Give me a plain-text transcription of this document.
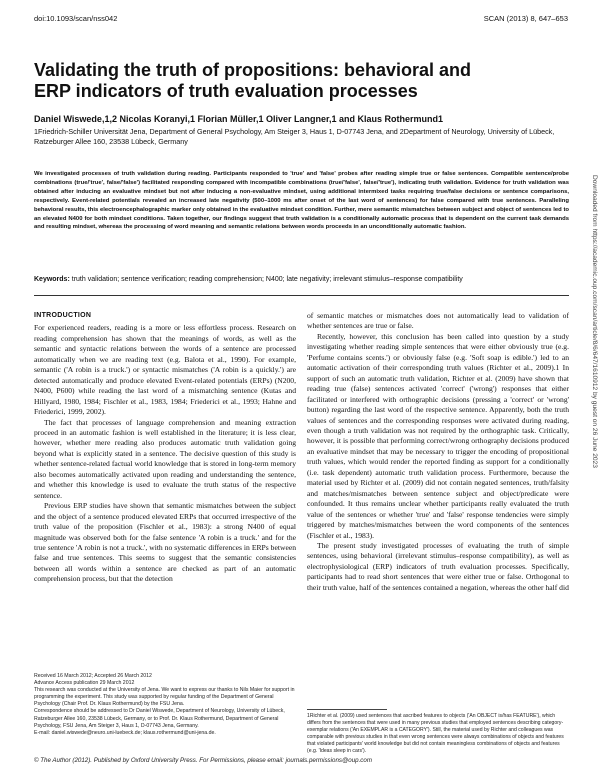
doi:10.1093/scan/nss042	SCAN (2013) 8, 647–653
Validating the truth of propositions: behavioral and ERP indicators of truth evaluation processes
Daniel Wiswede,1,2 Nicolas Koranyi,1 Florian Müller,1 Oliver Langner,1 and Klaus Rothermund1
1Friedrich-Schiller Universität Jena, Department of General Psychology, Am Steiger 3, Haus 1, D-07743 Jena, and 2Department of Neurology, University of Lübeck, Ratzeburger Allee 160, 23538 Lübeck, Germany
We investigated processes of truth validation during reading. Participants responded to 'true' and 'false' probes after reading simple true or false sentences. Compatible sentence/probe combinations (true/'true', false/'false') facilitated responding compared with incompatible combinations (true/'false', false/'true'), indicating truth validation. Evidence for truth validation was obtained after inducing an evaluative mindset but not after inducing a non-evaluative mindset, using additional intermixed tasks requiring true/false decisions or sentence comparisons, respectively. Event-related potentials revealed an increased late negativity (500–1000 ms after onset of the last word of sentences) for false compared with true sentences. Paralleling behavioral results, this electroencephalographic marker only obtained in the evaluative mindset condition. Further, mere semantic mismatches between subject and object of sentences led to an elevated N400 for both mindset conditions. Taken together, our findings suggest that truth validation is a conditionally automatic process that is dependent on the current task demands and resulting mindset, whereas the processing of word meaning and semantic relations between words proceeds in an unconditionally automatic fashion.
Keywords: truth validation; sentence verification; reading comprehension; N400; late negativity; irrelevant stimulus–response compatibility
INTRODUCTION

For experienced readers, reading is a more or less effortless process. Research on reading comprehension has shown that the meanings of words, as well as the semantic and syntactic relations between the words of a sentence are processed automatically when we are reading text (e.g. Balota et al., 1990). For example, semantic ('A robin is a truck.') or syntactic mismatches ('A robin is a quickly.') are detected automatically and produce elevated Event-related potentials (ERPs) (N200, N400, P600) while reading the last word of a mismatching sentence (Kutas and Hillyard, 1980, 1984; Fischler et al., 1983, 1984; Friederici et al., 1993; Hahne and Friederici, 1999, 2002).

The fact that processes of language comprehension and meaning extraction proceed in an automatic fashion is well established in the literature; it is less clear, however, whether mere reading also produces automatic truth validation going beyond what is explicitly stated in a sentence. The decisive question of this study is whether sentence-related factual world knowledge that is stored in long-term memory also becomes automatically activated upon reading and understanding the sentence, and whether this knowledge is used to evaluate the truth status of the respective sentence.

Previous ERP studies have shown that semantic mismatches between the subject and the object of a sentence produced elevated ERPs that occurred irrespective of the truth value of the proposition (Fischler et al., 1983): a strong N400 of equal magnitude was observed both for the false sentence 'A robin is a truck.' and for the true sentence 'A robin is not a truck.', with no systematic differences in ERPs between false and true sentences. This seems to suggest that the semantic consistencies between all words within a sentence are checked as part of an automatic comprehension process, but that the detection

of semantic matches or mismatches does not automatically lead to validation of whether sentences are true or false.

Recently, however, this conclusion has been called into question by a study investigating whether reading simple sentences that were either obviously true (e.g. 'Perfume contains scents.') or obviously false (e.g. 'Soft soap is edible.') led to an automatic activation of their corresponding truth values (Richter et al., 2009).1 In support of such an automatic truth validation, Richter et al. (2009) have shown that reading true (false) sentences activated 'correct' ('wrong') responses that either facilitated or interfered with orthographic decisions (pressing a 'correct' or 'wrong' button) regarding the last word of the respective sentence. Apparently, both the truth values of sentences and the corresponding responses were activated during reading, even though a truth validation was not required by the orthographic task. Critically, however, it is possible that performing correct/wrong orthography decisions produced an evaluative mindset that may be necessary to trigger the encoding of propositional truth values, which would render the reported finding as support for a conditionally (i.e. task dependent) automatic truth validation process. Furthermore, because the material used by Richter et al. (2009) did not contain negated sentences, truth/falsity and matches/mismatches between sentence subject and object/predicate were confounded. It thus remains unclear whether participants really evaluated the truth value of the sentences or whether 'true' and 'false' response tendencies were simply triggered by matches/mismatches between the word components of the sentences (Fischler et al., 1983).

The present study investigated processes of evaluating the truth of simple sentences, using behavioral (irrelevant stimulus–response compatibility), as well as electrophysiological (ERP) indicators of truth evaluation processes. Specifically, participants had to read short sentences that were either true or false. Orthogonal to their truth value, half of the sentences contained a negation, whereas the other half did

Received 16 March 2012; Accepted 26 March 2012
Advance Access publication 29 March 2012
This research was conducted at the University of Jena. We want to express our thanks to Nils Maier for support in programming the experiment. This study was supported by regular funding of the Department of General Psychology (Chair Prof. Dr. Klaus Rothermund) by the FSU Jena.
Correspondence should be addressed to Dr Daniel Wiswede, Department of Neurology, University of Lübeck, Ratzeburger Allee 160, 23538 Lübeck, Germany, or to Prof. Dr. Klaus Rothermund, Department of General Psychology, FSU Jena, Am Steiger 3, Haus 1, D-07743 Jena, Germany.
E-mail: daniel.wiswede@neuro.uni-luebeck.de; klaus.rothermund@uni-jena.de.
1Richter et al. (2009) used sentences that ascribed features to objects ('An OBJECT is/has FEATURE'), which differs from the sentences that were used in many previous studies that employed sentences describing category-exemplar relations ('An EXEMPLAR is a CATEGORY'). Still, the material used by Richter and colleagues was comparable with previous studies in that even wrong sentences were always combinations of objects and features that violated participants' world knowledge but did not contain meaningless combinations of objects and features (e.g. 'Ideas sleep in cars').
© The Author (2012). Published by Oxford University Press. For Permissions, please email: journals.permissions@oup.com
Downloaded from https://academic.oup.com/scan/article/8/6/647/1610912 by guest on 26 June 2023
